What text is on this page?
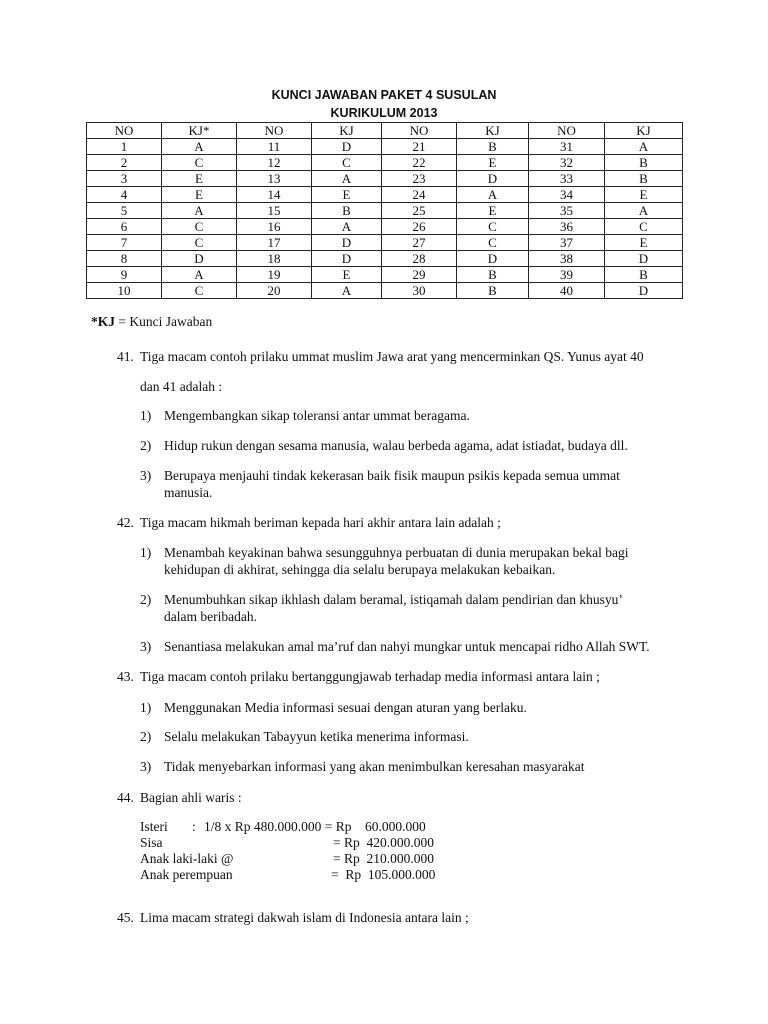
KUNCI JAWABAN PAKET 4 SUSULAN
KURIKULUM 2013
NO	KJ*	NO	KJ	NO	KJ	NO	KJ
1	A	11	D	21	B	31	A
2	C	12	C	22	E	32	B
3	E	13	A	23	D	33	B
4	E	14	E	24	A	34	E
5	A	15	B	25	E	35	A
6	C	16	A	26	C	36	C
7	C	17	D	27	C	37	E
8	D	18	D	28	D	38	D
9	A	19	E	29	B	39	B
10	C	20	A	30	B	40	D
*KJ = Kunci Jawaban
41. Tiga macam contoh prilaku ummat muslim Jawa arat yang mencerminkan QS. Yunus ayat 40
dan 41 adalah :
1) Mengembangkan sikap toleransi antar ummat beragama.
2) Hidup rukun dengan sesama manusia, walau berbeda agama, adat istiadat, budaya dll.
3) Berupaya menjauhi tindak kekerasan baik fisik maupun psikis kepada semua ummat manusia.
42. Tiga macam hikmah beriman kepada hari akhir antara lain adalah ;
1) Menambah keyakinan bahwa sesungguhnya perbuatan di dunia merupakan bekal bagi kehidupan di akhirat, sehingga dia selalu berupaya melakukan kebaikan.
2) Menumbuhkan sikap ikhlash dalam beramal, istiqamah dalam pendirian dan khusyu’ dalam beribadah.
3) Senantiasa melakukan amal ma’ruf dan nahyi mungkar untuk mencapai ridho Allah SWT.
43. Tiga macam contoh prilaku bertanggungjawab terhadap media informasi antara lain ;
1) Menggunakan Media informasi sesuai dengan aturan yang berlaku.
2) Selalu melakukan Tabayyun ketika menerima informasi.
3) Tidak menyebarkan informasi yang akan menimbulkan keresahan masyarakat
44. Bagian ahli waris :
Isteri : 1/8 x Rp 480.000.000 = Rp    60.000.000
Sisa	= Rp  420.000.000
Anak laki-laki @	= Rp  210.000.000
Anak perempuan	=  Rp  105.000.000
45. Lima macam strategi dakwah islam di Indonesia antara lain ;
